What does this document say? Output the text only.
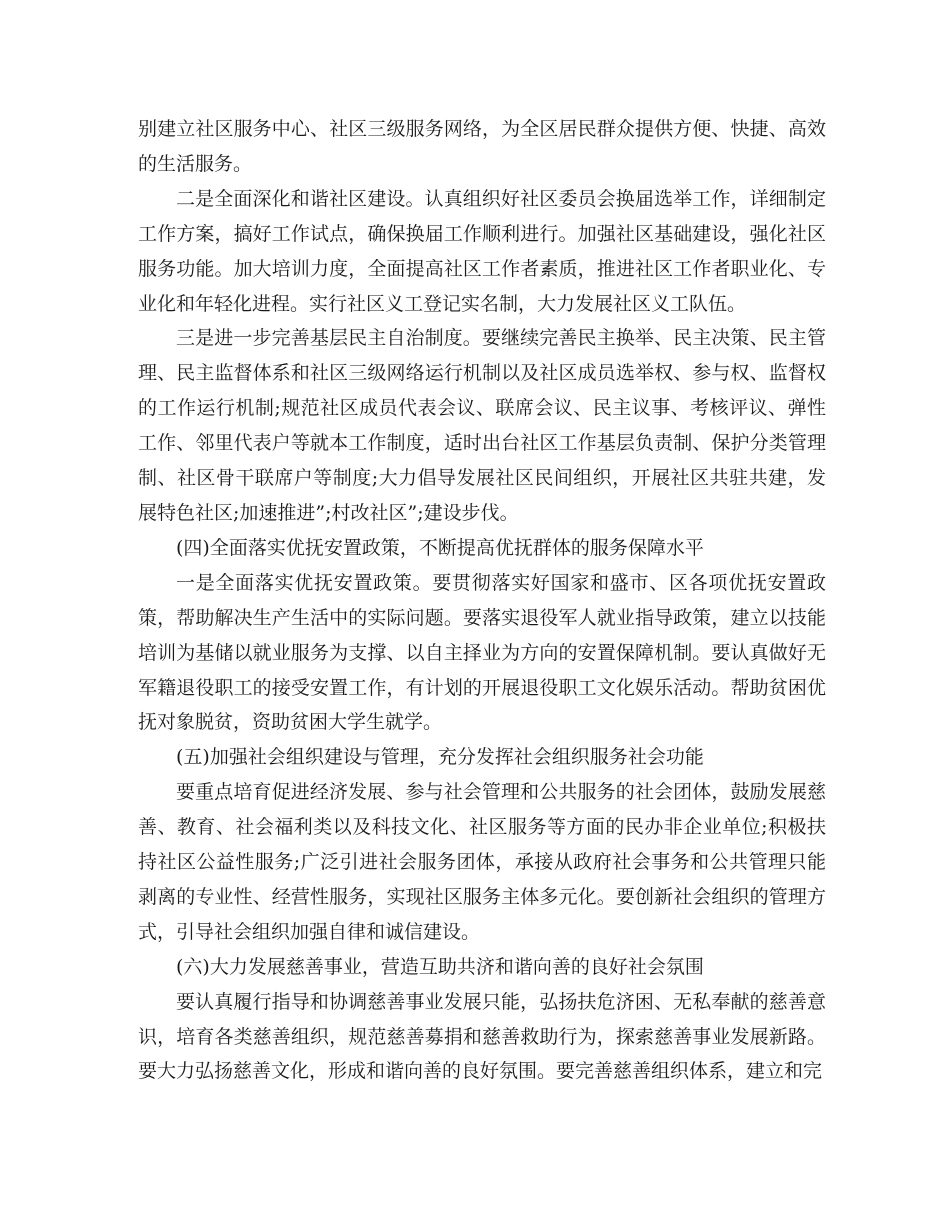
别建立社区服务中心、社区三级服务网络，为全区居民群众提供方便、快捷、高效的生活服务。

二是全面深化和谐社区建设。认真组织好社区委员会换届选举工作，详细制定工作方案，搞好工作试点，确保换届工作顺利进行。加强社区基础建设，强化社区服务功能。加大培训力度，全面提高社区工作者素质，推进社区工作者职业化、专业化和年轻化进程。实行社区义工登记实名制，大力发展社区义工队伍。

三是进一步完善基层民主自治制度。要继续完善民主换举、民主决策、民主管理、民主监督体系和社区三级网络运行机制以及社区成员选举权、参与权、监督权的工作运行机制;规范社区成员代表会议、联席会议、民主议事、考核评议、弹性工作、邻里代表户等就本工作制度，适时出台社区工作基层负责制、保护分类管理制、社区骨干联席户等制度;大力倡导发展社区民间组织，开展社区共驻共建，发展特色社区;加速推进”;村改社区”;建设步伐。

(四)全面落实优抚安置政策，不断提高优抚群体的服务保障水平

一是全面落实优抚安置政策。要贯彻落实好国家和盛市、区各项优抚安置政策，帮助解决生产生活中的实际问题。要落实退役军人就业指导政策，建立以技能培训为基储以就业服务为支撑、以自主择业为方向的安置保障机制。要认真做好无军籍退役职工的接受安置工作，有计划的开展退役职工文化娱乐活动。帮助贫困优抚对象脱贫，资助贫困大学生就学。

(五)加强社会组织建设与管理，充分发挥社会组织服务社会功能

要重点培育促进经济发展、参与社会管理和公共服务的社会团体，鼓励发展慈善、教育、社会福利类以及科技文化、社区服务等方面的民办非企业单位;积极扶持社区公益性服务;广泛引进社会服务团体，承接从政府社会事务和公共管理只能剥离的专业性、经营性服务，实现社区服务主体多元化。要创新社会组织的管理方式，引导社会组织加强自律和诚信建设。

(六)大力发展慈善事业，营造互助共济和谐向善的良好社会氛围

要认真履行指导和协调慈善事业发展只能，弘扬扶危济困、无私奉献的慈善意识，培育各类慈善组织，规范慈善募捐和慈善救助行为，探索慈善事业发展新路。要大力弘扬慈善文化，形成和谐向善的良好氛围。要完善慈善组织体系，建立和完
